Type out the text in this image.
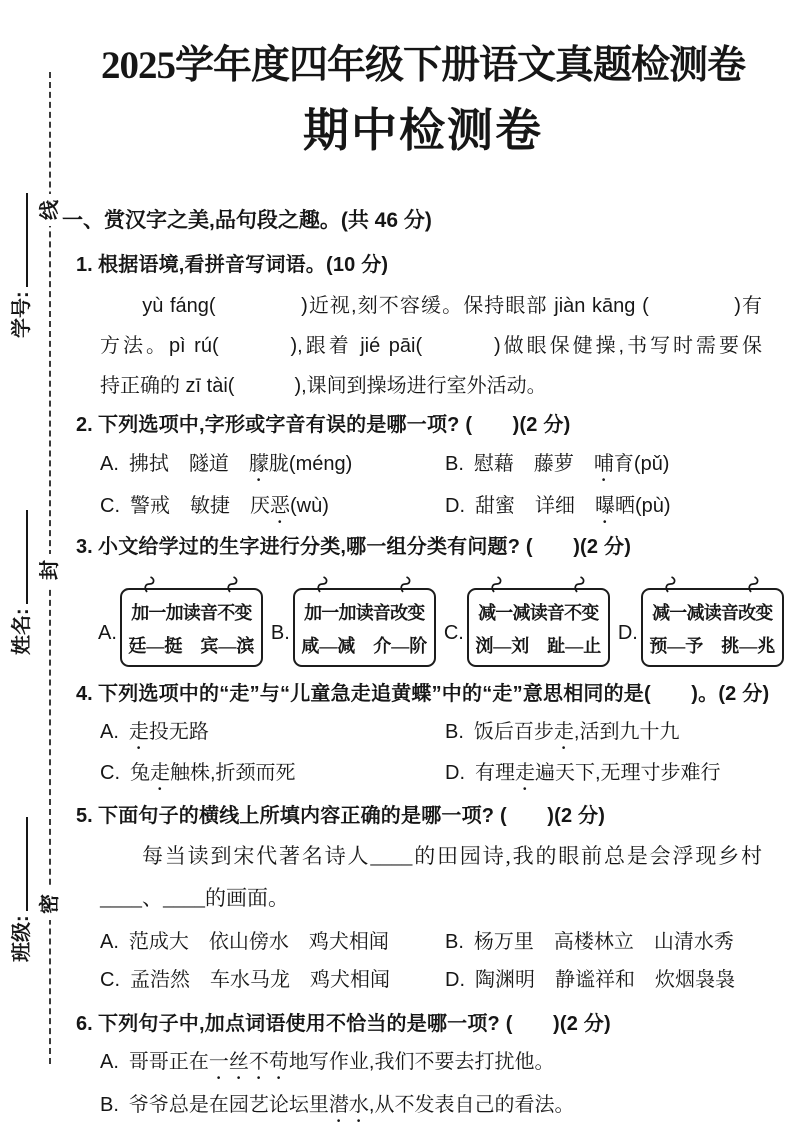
线
封
密
学号:
姓名:
班级:
2025学年度四年级下册语文真题检测卷
期中检测卷
一、赏汉字之美,品句段之趣。(共 46 分)
1. 根据语境,看拼音写词语。(10 分)
　　yù fáng(　　　　)近视,刻不容缓。保持眼部 jiàn kāng (　　　　)有
方法。pì rú(　　　),跟着 jié pāi(　　　)做眼保健操,书写时需要保
持正确的 zī tài(　　　),课间到操场进行室外活动。
2. 下列选项中,字形或字音有误的是哪一项? (　　)(2 分)
A. 拂拭　隧道　朦胧(méng)	B. 慰藉　藤萝　哺育(pǔ)
C. 警戒　敏捷　厌恶(wù)	D. 甜蜜　详细　曝晒(pù)
3. 小文给学过的生字进行分类,哪一组分类有问题? (　　)(2 分)
A.
加一加读音不变
廷—挺　宾—滨
B.
加一加读音改变
咸—减　介—阶
C.
减一减读音不变
浏—刘　趾—止
D.
减一减读音改变
预—予　挑—兆
4. 下列选项中的“走”与“儿童急走追黄蝶”中的“走”意思相同的是(　　)。(2 分)
A. 走投无路	B. 饭后百步走,活到九十九
C. 兔走触株,折颈而死	D. 有理走遍天下,无理寸步难行
5. 下面句子的横线上所填内容正确的是哪一项? (　　)(2 分)
每当读到宋代著名诗人____的田园诗,我的眼前总是会浮现乡村
____、____的画面。
A. 范成大　依山傍水　鸡犬相闻	B. 杨万里　高楼林立　山清水秀
C. 孟浩然　车水马龙　鸡犬相闻	D. 陶渊明　静谧祥和　炊烟袅袅
6. 下列句子中,加点词语使用不恰当的是哪一项? (　　)(2 分)
A. 哥哥正在一丝不苟地写作业,我们不要去打扰他。
B. 爷爷总是在园艺论坛里潜水,从不发表自己的看法。
